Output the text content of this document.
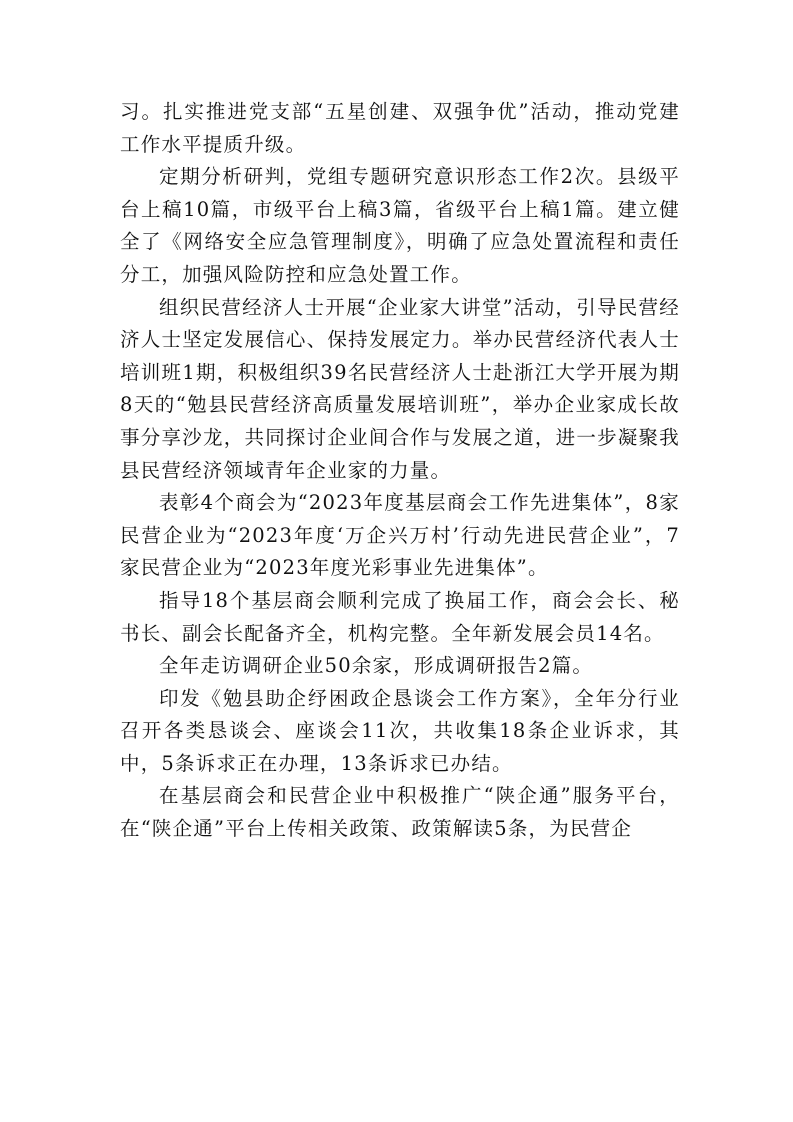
习。扎实推进党支部“五星创建、双强争优”活动，推动党建工作水平提质升级。

定期分析研判，党组专题研究意识形态工作2次。县级平台上稿10篇，市级平台上稿3篇，省级平台上稿1篇。建立健全了《网络安全应急管理制度》，明确了应急处置流程和责任分工，加强风险防控和应急处置工作。

组织民营经济人士开展“企业家大讲堂”活动，引导民营经济人士坚定发展信心、保持发展定力。举办民营经济代表人士培训班1期，积极组织39名民营经济人士赴浙江大学开展为期8天的“勉县民营经济高质量发展培训班”，举办企业家成长故事分享沙龙，共同探讨企业间合作与发展之道，进一步凝聚我县民营经济领域青年企业家的力量。

表彰4个商会为“2023年度基层商会工作先进集体”，8家民营企业为“2023年度‘万企兴万村’行动先进民营企业”，7家民营企业为“2023年度光彩事业先进集体”。

指导18个基层商会顺利完成了换届工作，商会会长、秘书长、副会长配备齐全，机构完整。全年新发展会员14名。

全年走访调研企业50余家，形成调研报告2篇。

印发《勉县助企纾困政企恳谈会工作方案》，全年分行业召开各类恳谈会、座谈会11次，共收集18条企业诉求，其中，5条诉求正在办理，13条诉求已办结。

在基层商会和民营企业中积极推广“陕企通”服务平台，在“陕企通”平台上传相关政策、政策解读5条，为民营企
